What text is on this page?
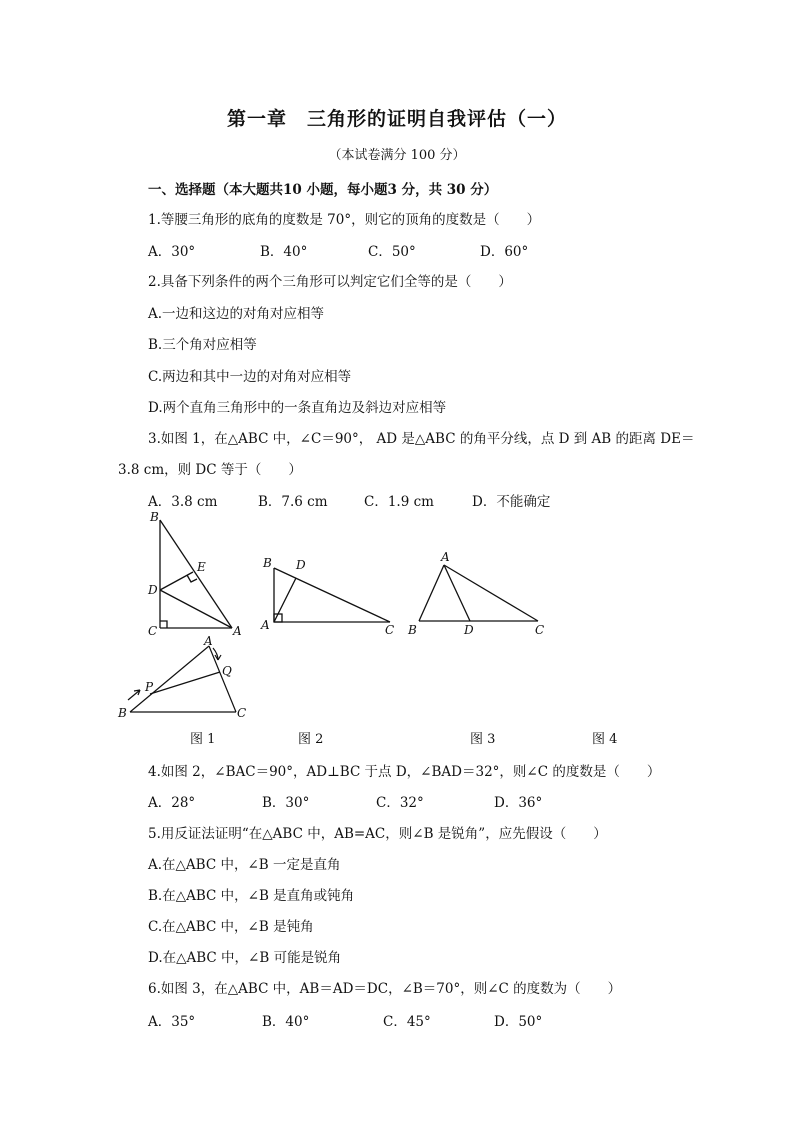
第一章　三角形的证明自我评估（一）
（本试卷满分 100 分）
一、选择题（本大题共10 小题，每小题3 分，共 30 分）
1.等腰三角形的底角的度数是 70°，则它的顶角的度数是（　　）
A．30°	B．40°	C．50°	D．60°
2.具备下列条件的两个三角形可以判定它们全等的是（　　）
A.一边和这边的对角对应相等
B.三个角对应相等
C.两边和其中一边的对角对应相等
D.两个直角三角形中的一条直角边及斜边对应相等
3.如图 1，在△ABC 中，∠C＝90°， AD 是△ABC 的角平分线，点 D 到 AB 的距离 DE＝
3.8 cm，则 DC 等于（　　）
A．3.8 cm	B．7.6 cm	C．1.9 cm	D．不能确定
B
E
D
C	A
B D
A	C
A
B	D	C
A
Q
P
B	C
图 1	图 2	图 3	图 4
4.如图 2，∠BAC＝90°，AD⊥BC 于点 D，∠BAD＝32°，则∠C 的度数是（　　）
A．28°	B．30°	C．32°	D．36°
5.用反证法证明“在△ABC 中，AB=AC，则∠B 是锐角”，应先假设（　　）
A.在△ABC 中，∠B 一定是直角
B.在△ABC 中，∠B 是直角或钝角
C.在△ABC 中，∠B 是钝角
D.在△ABC 中，∠B 可能是锐角
6.如图 3，在△ABC 中，AB＝AD＝DC，∠B＝70°，则∠C 的度数为（　　）
A．35°	B．40°	C．45°	D．50°
